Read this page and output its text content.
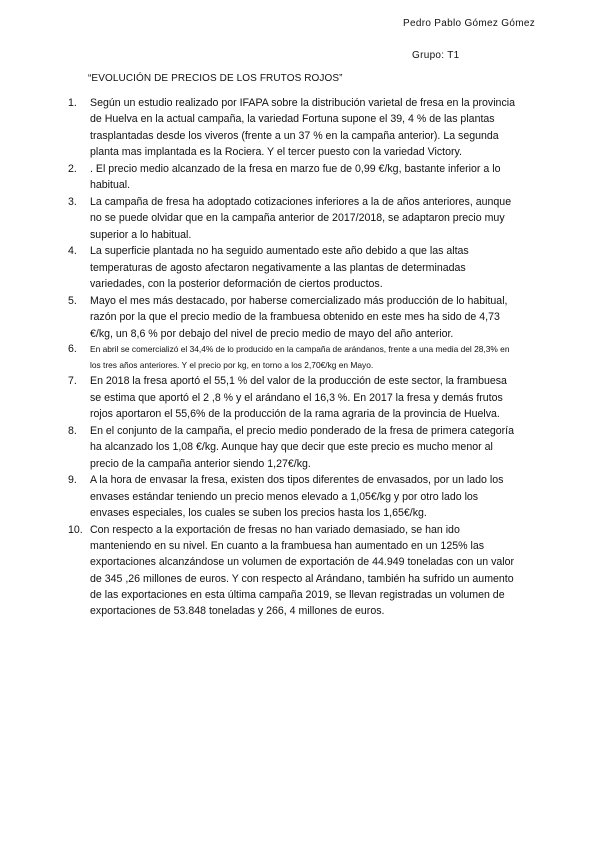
Pedro Pablo Gómez Gómez
Grupo: T1
“EVOLUCIÓN DE PRECIOS DE LOS FRUTOS ROJOS”
1. Según un estudio realizado por IFAPA sobre la distribución varietal de fresa en la provincia de Huelva en la actual campaña, la variedad Fortuna supone el 39, 4 % de las plantas trasplantadas desde los viveros (frente a un 37 % en la campaña anterior). La segunda planta mas implantada es la Rociera. Y el tercer puesto con la variedad Victory.
2. . El precio medio alcanzado de la fresa en marzo fue de 0,99 €/kg, bastante inferior a lo habitual.
3. La campaña de fresa ha adoptado cotizaciones inferiores a la de años anteriores, aunque no se puede olvidar que en la campaña anterior de 2017/2018, se adaptaron precio muy superior a lo habitual.
4. La superficie plantada no ha seguido aumentado este año debido a que las altas temperaturas de agosto afectaron negativamente a las plantas de determinadas variedades, con la posterior deformación de ciertos productos.
5. Mayo el mes más destacado, por haberse comercializado más producción de lo habitual, razón por la que el precio medio de la frambuesa obtenido en este mes ha sido de 4,73 €/kg, un 8,6 % por debajo del nivel de precio medio de mayo del año anterior.
6. En abril se comercializó el 34,4% de lo producido en la campaña de arándanos, frente a una media del 28,3% en los tres años anteriores. Y el precio por kg, en torno a los 2,70€/kg en Mayo.
7. En 2018 la fresa aportó el 55,1 % del valor de la producción de este sector, la frambuesa se estima que aportó el 2 ,8 % y el arándano el 16,3 %. En 2017 la fresa y demás frutos rojos aportaron el 55,6% de la producción de la rama agraria de la provincia de Huelva.
8. En el conjunto de la campaña, el precio medio ponderado de la fresa de primera categoría ha alcanzado los 1,08 €/kg. Aunque hay que decir que este precio es mucho menor al precio de la campaña anterior siendo 1,27€/kg.
9. A la hora de envasar la fresa, existen dos tipos diferentes de envasados, por un lado los envases estándar teniendo un precio menos elevado a 1,05€/kg y por otro lado los envases especiales, los cuales se suben los precios hasta los 1,65€/kg.
10. Con respecto a la exportación de fresas no han variado demasiado, se han ido manteniendo en su nivel. En cuanto a la frambuesa han aumentado en un 125% las exportaciones alcanzándose un volumen de exportación de 44.949 toneladas con un valor de 345 ,26 millones de euros. Y con respecto al Arándano, también ha sufrido un aumento de las exportaciones en esta última campaña 2019, se llevan registradas un volumen de exportaciones de 53.848 toneladas y 266, 4 millones de euros.
